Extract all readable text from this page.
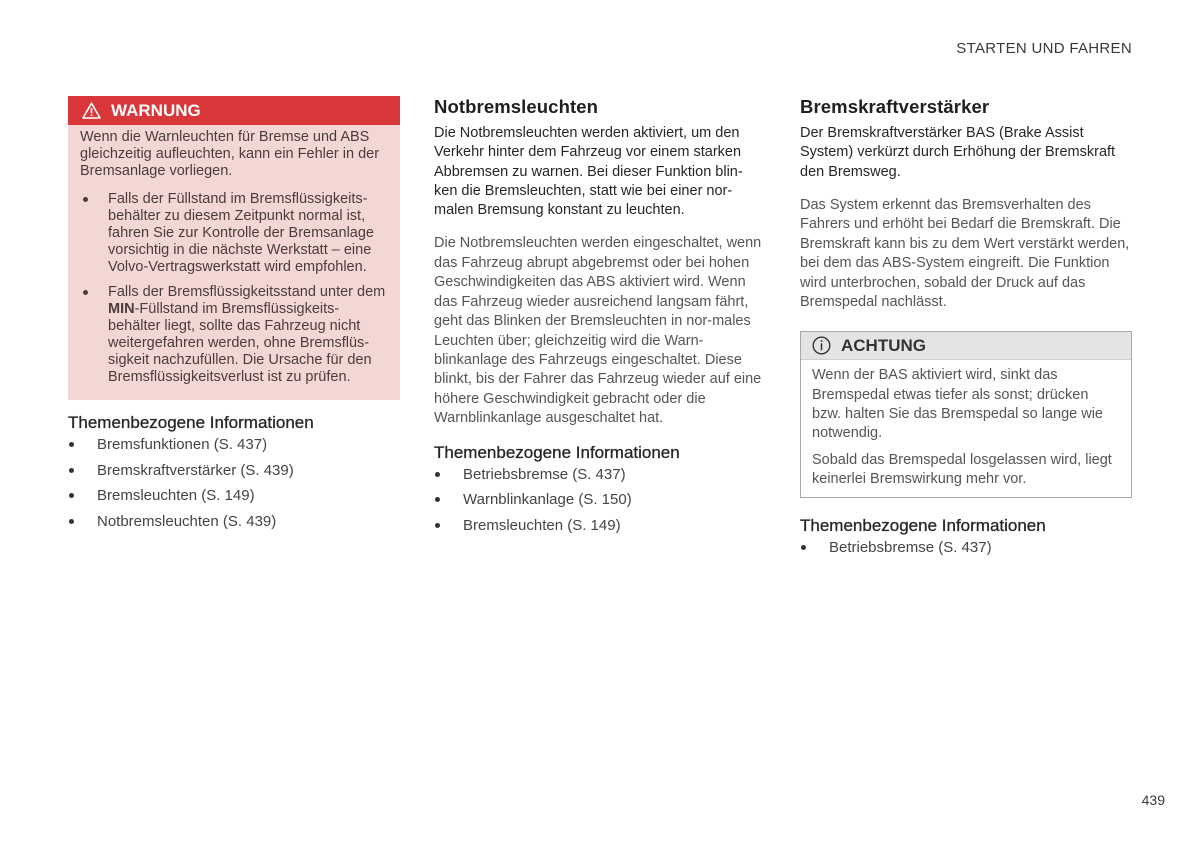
STARTEN UND FAHREN
WARNUNG

Wenn die Warnleuchten für Bremse und ABS gleichzeitig aufleuchten, kann ein Fehler in der Bremsanlage vorliegen.

Falls der Füllstand im Bremsflüssigkeits-behälter zu diesem Zeitpunkt normal ist, fahren Sie zur Kontrolle der Bremsanlage vorsichtig in die nächste Werkstatt – eine Volvo-Vertragswerkstatt wird empfohlen.
Falls der Bremsflüssigkeitsstand unter dem MIN-Füllstand im Bremsflüssigkeits-behälter liegt, sollte das Fahrzeug nicht weitergefahren werden, ohne Bremsflüs-sigkeit nachzufüllen. Die Ursache für den Bremsflüssigkeitsverlust ist zu prüfen.
Themenbezogene Informationen
Bremsfunktionen (S. 437)
Bremskraftverstärker (S. 439)
Bremsleuchten (S. 149)
Notbremsleuchten (S. 439)
Notbremsleuchten

Die Notbremsleuchten werden aktiviert, um den Verkehr hinter dem Fahrzeug vor einem starken Abbremsen zu warnen. Bei dieser Funktion blin-ken die Bremsleuchten, statt wie bei einer nor-malen Bremsung konstant zu leuchten.

Die Notbremsleuchten werden eingeschaltet, wenn das Fahrzeug abrupt abgebremst oder bei hohen Geschwindigkeiten das ABS aktiviert wird. Wenn das Fahrzeug wieder ausreichend langsam fährt, geht das Blinken der Bremsleuchten in nor-males Leuchten über; gleichzeitig wird die Warn-blinkanlage des Fahrzeugs eingeschaltet. Diese blinkt, bis der Fahrer das Fahrzeug wieder auf eine höhere Geschwindigkeit gebracht oder die Warnblinkanlage ausgeschaltet hat.

Themenbezogene Informationen
Betriebsbremse (S. 437)
Warnblinkanlage (S. 150)
Bremsleuchten (S. 149)
Bremskraftverstärker

Der Bremskraftverstärker BAS (Brake Assist System) verkürzt durch Erhöhung der Bremskraft den Bremsweg.

Das System erkennt das Bremsverhalten des Fahrers und erhöht bei Bedarf die Bremskraft. Die Bremskraft kann bis zu dem Wert verstärkt werden, bei dem das ABS-System eingreift. Die Funktion wird unterbrochen, sobald der Druck auf das Bremspedal nachlässt.

ACHTUNG

Wenn der BAS aktiviert wird, sinkt das Bremspedal etwas tiefer als sonst; drücken bzw. halten Sie das Bremspedal so lange wie notwendig.

Sobald das Bremspedal losgelassen wird, liegt keinerlei Bremswirkung mehr vor.

Themenbezogene Informationen
Betriebsbremse (S. 437)
439
